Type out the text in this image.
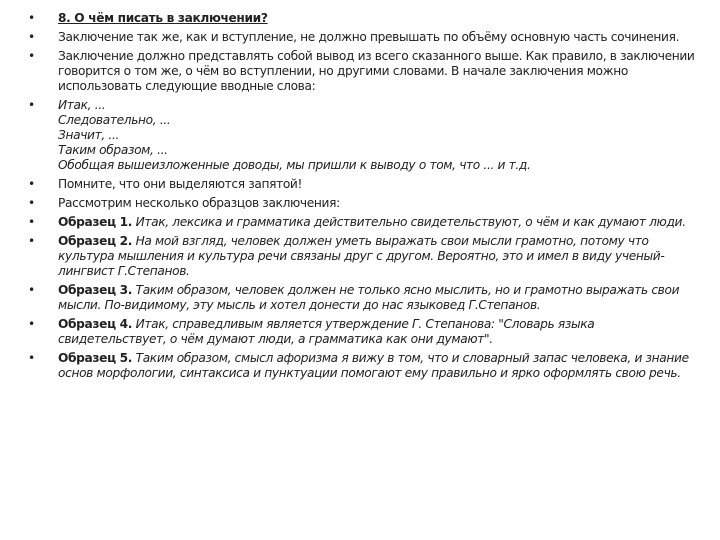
•	8. О чём писать в заключении?
•	Заключение так же, как и вступление, не должно превышать по объёму основную часть сочинения.
•	Заключение должно представлять собой вывод из всего сказанного выше. Как правило, в заключении говорится о том же, о чём во вступлении, но другими словами. В начале заключения можно использовать следующие вводные слова:
•	Итак, ...
Следовательно, ...
Значит, ...
Таким образом, ...
Обобщая вышеизложенные доводы, мы пришли к выводу о том, что ... и т.д.
•	Помните, что они выделяются запятой!
•	Рассмотрим несколько образцов заключения:
•	Образец 1. Итак, лексика и грамматика действительно свидетельствуют, о чём и как думают люди.
•	Образец 2. На мой взгляд, человек должен уметь выражать свои мысли грамотно, потому что культура мышления и культура речи связаны друг с другом. Вероятно, это и имел в виду ученый-лингвист Г.Степанов.
•	Образец 3. Таким образом, человек должен не только ясно мыслить, но и грамотно выражать свои мысли. По-видимому, эту мысль и хотел донести до нас языковед Г.Степанов.
•	Образец 4. Итак, справедливым является утверждение Г. Степанова: "Словарь языка свидетельствует, о чём думают люди, а грамматика как они думают".
•	Образец 5. Таким образом, смысл афоризма я вижу в том, что и словарный запас человека, и знание основ морфологии, синтаксиса и пунктуации помогают ему правильно и ярко оформлять свою речь.
